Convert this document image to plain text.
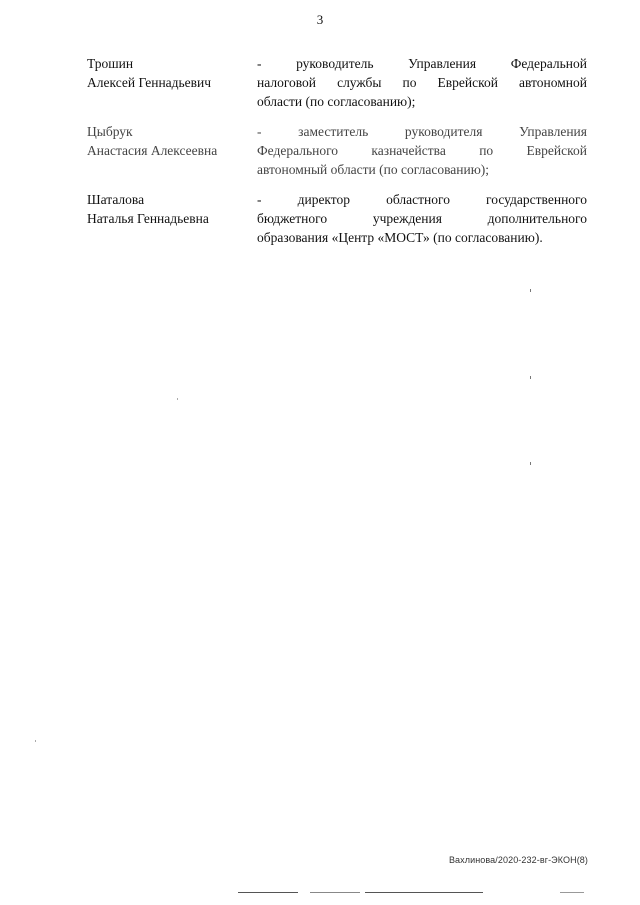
3
Трошин
Алексей Геннадьевич
- руководитель Управления Федеральной
налоговой службы по Еврейской автономной
области (по согласованию);
Цыбрук
Анастасия Алексеевна
- заместитель руководителя Управления
Федерального казначейства по Еврейской
автономный области (по согласованию);
Шаталова
Наталья Геннадьевна
- директор областного государственного
бюджетного учреждения дополнительного
образования «Центр «МОСТ» (по согласованию).
Вахлинова/2020-232-вг-ЭКОН(8)
